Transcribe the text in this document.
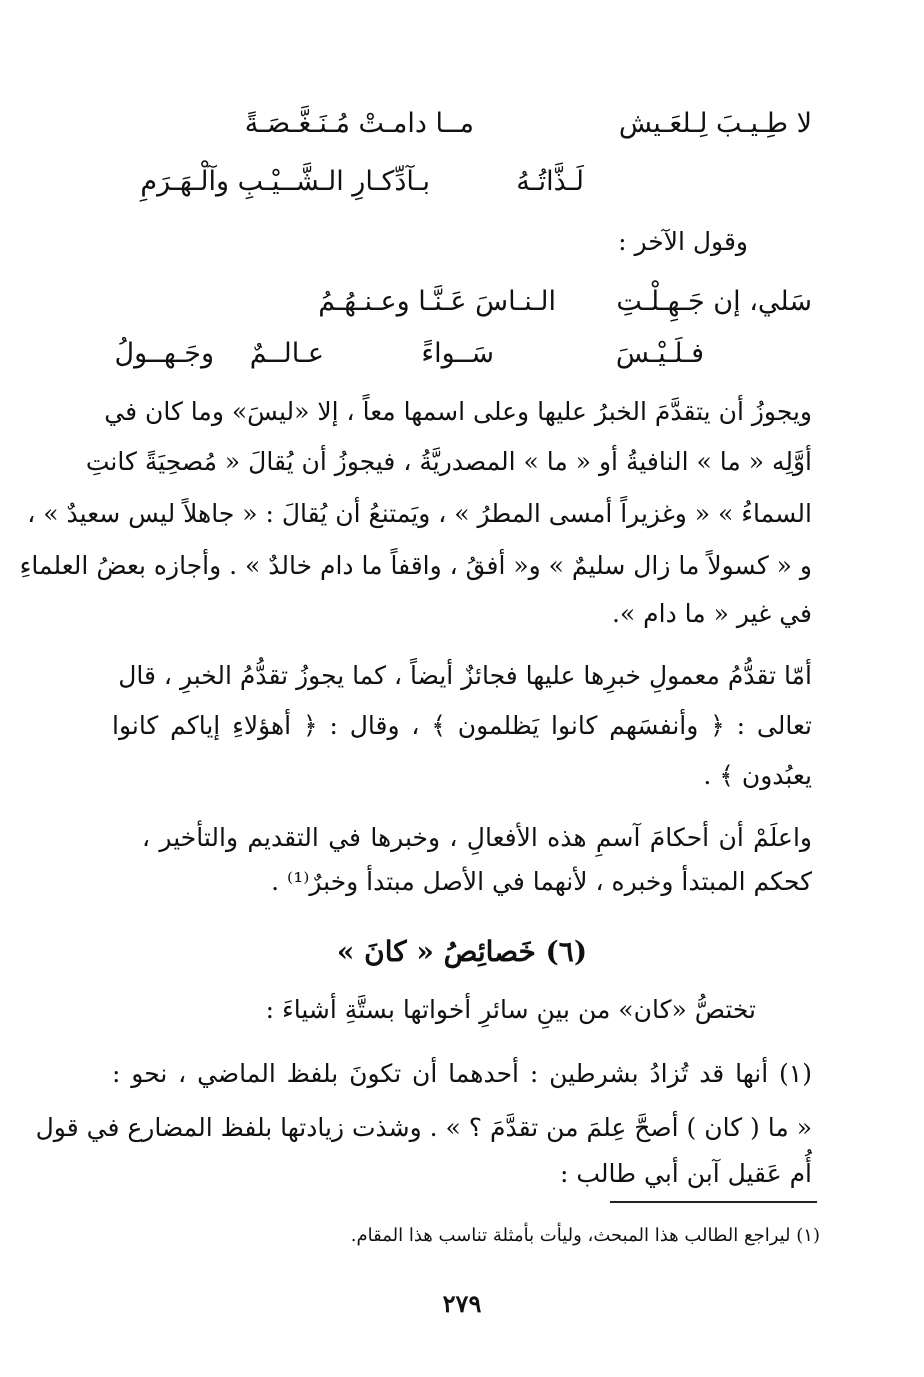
لا طِـيـبَ لِـلعَـيش
مــا دامـتْ مُـنَـغَّـصَـةً
لَـذَّاتُـهُ
بـآدِّكـارِ الـشَّــيْـبِ وآلْـهَـرَمِ
وقول الآخر :
سَلي، إن جَـهِـلْـتِ
الـنـاسَ عَـنَّـا وعـنـهُـمُ
فـلَـيْـسَ
سَــواءً
عـالــمٌ
وجَـهــولُ
ويجوزُ أن يتقدَّمَ الخبرُ عليها وعلى اسمها معاً ، إلا «ليسَ» وما كان في
أوَّلِه « ما » النافيةُ أو « ما » المصدريَّةُ ، فيجوزُ أن يُقالَ « مُصحِيَةً كانتِ
السماءُ » « وغزيراً أمسى المطرُ » ، ويَمتنعُ أن يُقالَ : « جاهلاً ليس سعيدٌ » ،
و « كسولاً ما زال سليمٌ » و« أفقُ ، واقفاً ما دام خالدٌ » . وأجازه بعضُ العلماءِ
في غير « ما دام ».
أمّا تقدُّمُ معمولِ خبرِها عليها فجائزٌ أيضاً ، كما يجوزُ تقدُّمُ الخبرِ ، قال
تعالى : ﴿ وأنفسَهم كانوا يَظلمون ﴾ ، وقال : ﴿ أهؤلاءِ إياكم كانوا
يعبُدون ﴾ .
واعلَمْ أن أحكامَ آسمِ هذه الأفعالِ ، وخبرها في التقديم والتأخير ،
كحكم المبتدأ وخبره ، لأنهما في الأصل مبتدأ وخبرٌ⁽¹⁾ .
(٦) خَصائِصُ « كانَ »
تختصُّ «كان» من بينِ سائرِ أخواتها بستَّةِ أشياءَ :
(١) أنها قد تُزادُ بشرطين : أحدهما أن تكونَ بلفظ الماضي ، نحو :
« ما ( كان ) أصحَّ عِلمَ من تقدَّمَ ؟ » . وشذت زيادتها بلفظ المضارع في قول
أُم عَقيل آبن أبي طالب :
(١) ليراجع الطالب هذا المبحث، وليأت بأمثلة تناسب هذا المقام.
٢٧٩
